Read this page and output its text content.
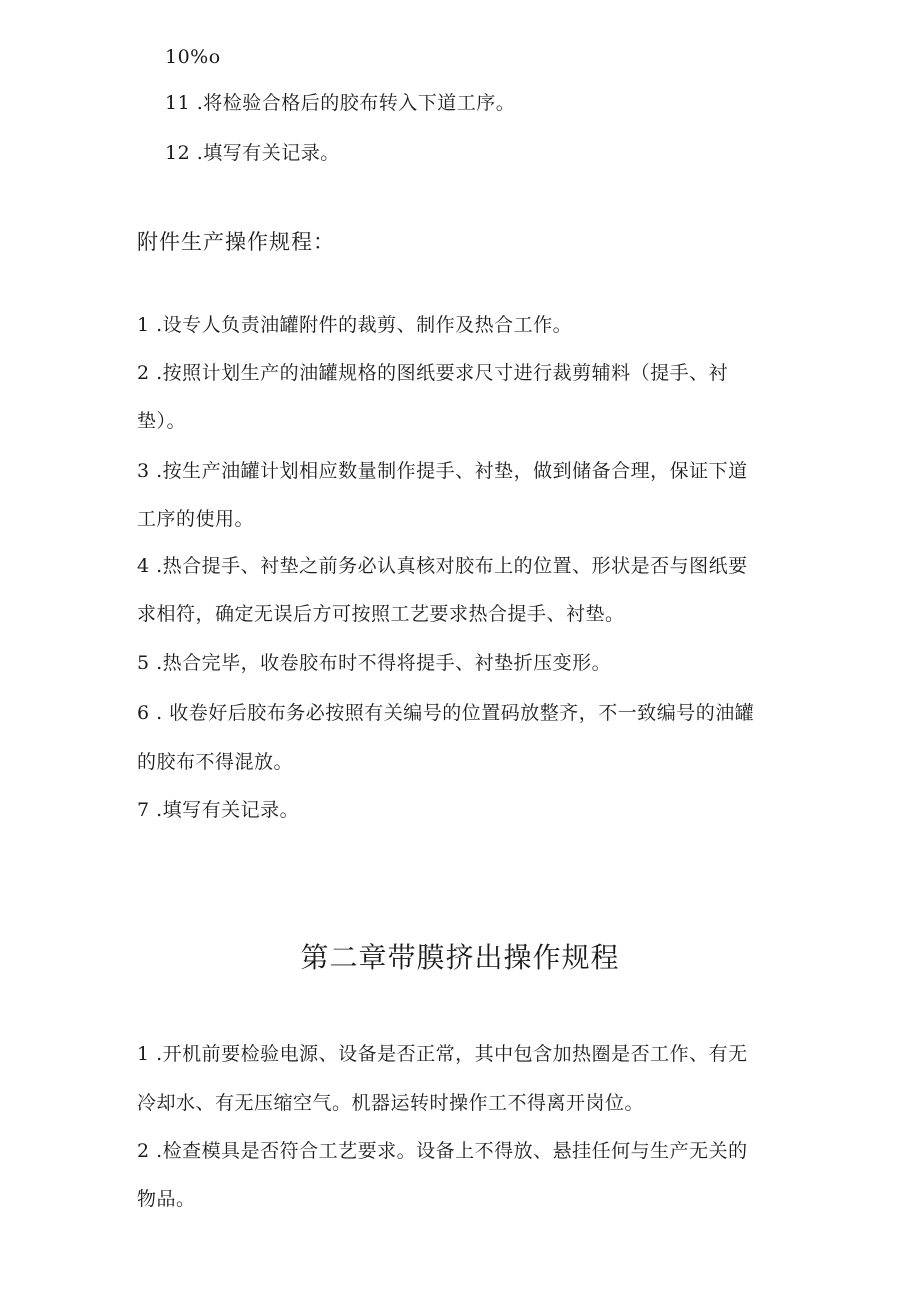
10%o
11 .将检验合格后的胶布转入下道工序。
12 .填写有关记录。
附件生产操作规程：
1 .设专人负责油罐附件的裁剪、制作及热合工作。
2 .按照计划生产的油罐规格的图纸要求尺寸进行裁剪辅料（提手、衬
垫）。
3 .按生产油罐计划相应数量制作提手、衬垫，做到储备合理，保证下道
工序的使用。
4 .热合提手、衬垫之前务必认真核对胶布上的位置、形状是否与图纸要
求相符，确定无误后方可按照工艺要求热合提手、衬垫。
5 .热合完毕，收卷胶布时不得将提手、衬垫折压变形。
6 . 收卷好后胶布务必按照有关编号的位置码放整齐，不一致编号的油罐
的胶布不得混放。
7 .填写有关记录。
第二章带膜挤出操作规程
1 .开机前要检验电源、设备是否正常，其中包含加热圈是否工作、有无
冷却水、有无压缩空气。机器运转时操作工不得离开岗位。
2 .检查模具是否符合工艺要求。设备上不得放、悬挂任何与生产无关的
物品。
